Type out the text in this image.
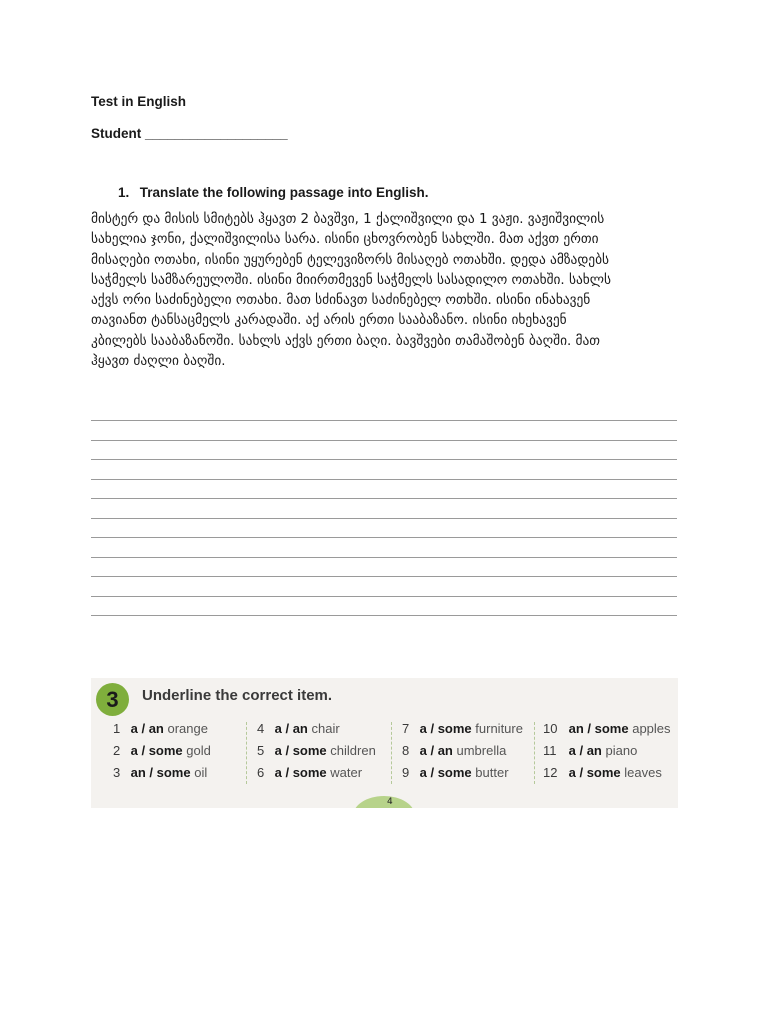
Test in English
Student ___________________
1. Translate the following passage into English.
მისტერ და მისის სმიტებს ჰყავთ 2 ბავშვი, 1 ქალიშვილი და 1 ვაჟი. ვაჟიშვილის
სახელია ჯონი, ქალიშვილისა სარა. ისინი ცხოვრობენ სახლში. მათ აქვთ ერთი
მისაღები ოთახი, ისინი უყურებენ ტელევიზორს მისაღებ ოთახში. დედა ამზადებს
საჭმელს სამზარეულოში. ისინი მიირთმევენ საჭმელს სასადილო ოთახში. სახლს
აქვს ორი საძინებელი ოთახი. მათ სძინავთ საძინებელ ოთხში. ისინი ინახავენ
თავიანთ ტანსაცმელს კარადაში. აქ არის ერთი სააბაზანო. ისინი იხეხავენ
კბილებს სააბაზანოში. სახლს აქვს ერთი ბაღი. ბავშვები თამაშობენ ბაღში. მათ
ჰყავთ ძაღლი ბაღში.
3	Underline the correct item.
1 a / an orange
2 a / some gold
3 an / some oil
4 a / an chair
5 a / some children
6 a / some water
7 a / some furniture
8 a / an umbrella
9 a / some butter
10 an / some apples
11 a / an piano
12 a / some leaves
4
